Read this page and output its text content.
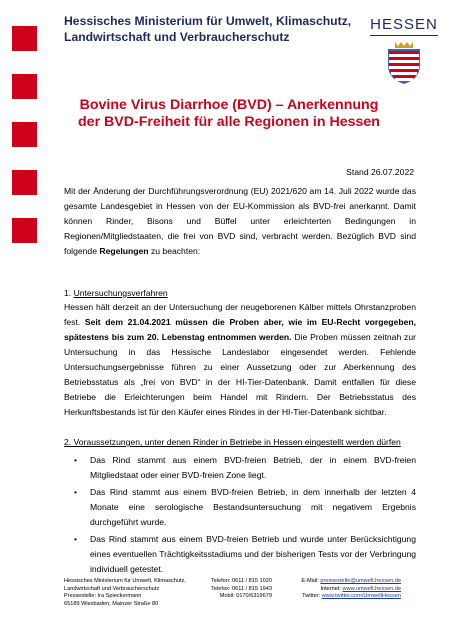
Hessisches Ministerium für Umwelt, Klimaschutz,
Landwirtschaft und Verbraucherschutz
HESSEN
Bovine Virus Diarrhoe (BVD) – Anerkennung
der BVD-Freiheit für alle Regionen in Hessen
Stand 26.07.2022
Mit der Änderung der Durchführungsverordnung (EU) 2021/620 am 14. Juli 2022 wurde das gesamte Landesgebiet in Hessen von der EU-Kommission als BVD-frei anerkannt. Damit können Rinder, Bisons und Büffel unter erleichterten Bedingungen in Regionen/Mitgliedstaaten, die frei von BVD sind, verbracht werden. Bezüglich BVD sind folgende Regelungen zu beachten:
1. Untersuchungsverfahren
Hessen hält derzeit an der Untersuchung der neugeborenen Kälber mittels Ohrstanzproben fest. Seit dem 21.04.2021 müssen die Proben aber, wie im EU-Recht vorgegeben, spätestens bis zum 20. Lebenstag entnommen werden. Die Proben müssen zeitnah zur Untersuchung in das Hessische Landeslabor eingesendet werden. Fehlende Untersuchungsergebnisse führen zu einer Aussetzung oder zur Aberkennung des Betriebsstatus als „frei von BVD“ in der HI-Tier-Datenbank. Damit entfallen für diese Betriebe die Erleichterungen beim Handel mit Rindern. Der Betriebsstatus des Herkunftsbestands ist für den Käufer eines Rindes in der HI-Tier-Datenbank sichtbar.
2. Voraussetzungen, unter denen Rinder in Betriebe in Hessen eingestellt werden dürfen
• Das Rind stammt aus einem BVD-freien Betrieb, der in einem BVD-freien Mitgliedstaat oder einer BVD-freien Zone liegt.
• Das Rind stammt aus einem BVD-freien Betrieb, in dem innerhalb der letzten 4 Monate eine serologische Bestandsuntersuchung mit negativem Ergebnis durchgeführt wurde.
• Das Rind stammt aus einem BVD-freien Betrieb und wurde unter Berücksichtigung eines eventuellen Trächtigkeitsstadiums und der bisherigen Tests vor der Verbringung individuell getestet.
Hessisches Ministerium für Umwelt, Klimaschutz,
Landwirtschaft und Verbraucherschutz
Pressestelle: Ira Spieckermann
65189 Wiesbaden, Mainzer Straße 80
Telefon: 0611 / 815 1020
Telefax: 0611 / 815 1943
Mobil: 0170/6319679
E-Mail: pressestelle@umwelt.hessen.de
Internet: www.umwelt.hessen.de
Twitter: www.twitter.com/UmweltHessen
